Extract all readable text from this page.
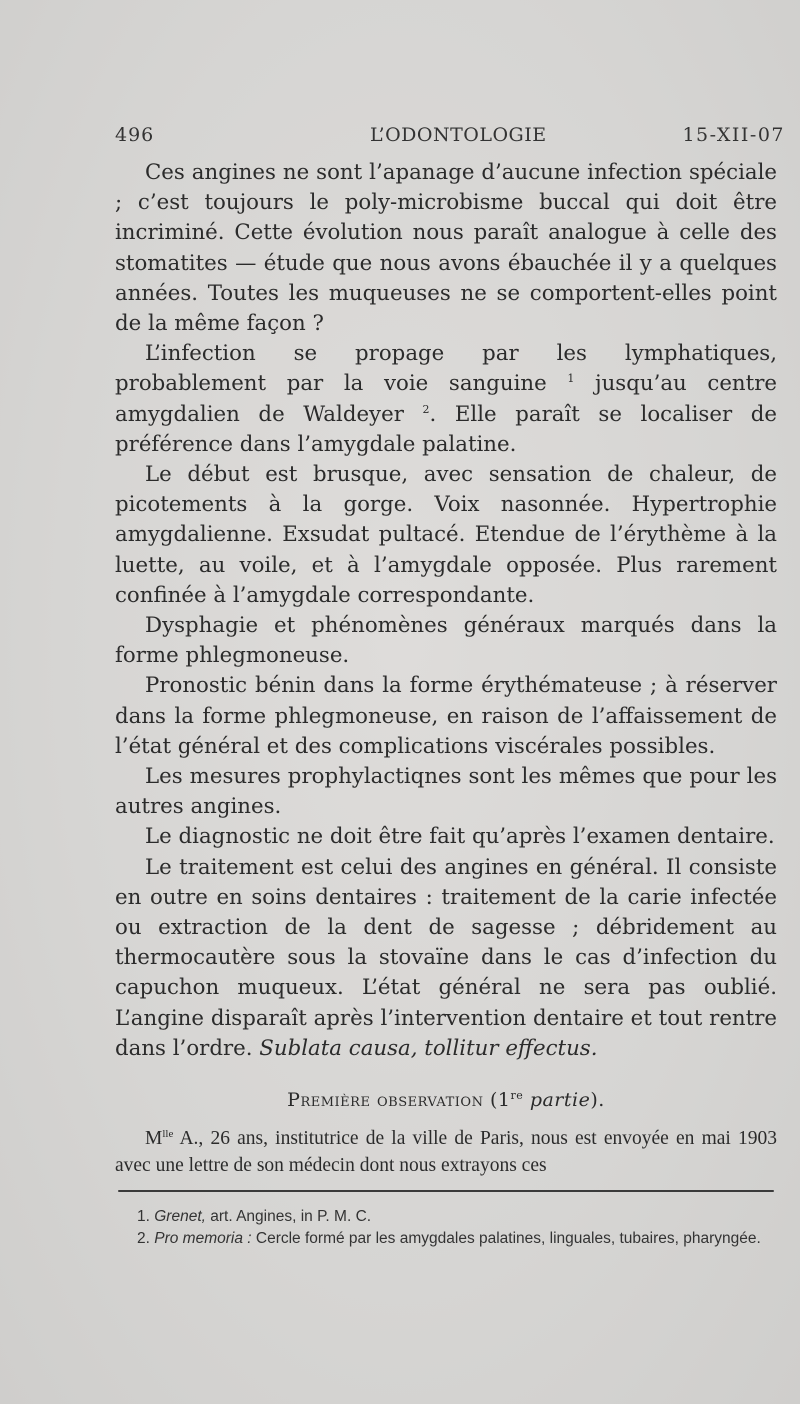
496	L’ODONTOLOGIE	15-XII-07

Ces angines ne sont l’apanage d’aucune infection spéciale ; c’est toujours le poly-microbisme buccal qui doit être incriminé. Cette évolution nous paraît analogue à celle des stomatites — étude que nous avons ébauchée il y a quelques années. Toutes les muqueuses ne se comportent-elles point de la même façon ?

L’infection se propage par les lymphatiques, probablement par la voie sanguine $^1$ jusqu’au centre amygdalien de Waldeyer $^2$. Elle paraît se localiser de préférence dans l’amygdale palatine.

Le début est brusque, avec sensation de chaleur, de picotements à la gorge. Voix nasonnée. Hypertrophie amygdalienne. Exsudat pultacé. Etendue de l’érythème à la luette, au voile, et à l’amygdale opposée. Plus rarement confinée à l’amygdale correspondante.

Dysphagie et phénomènes généraux marqués dans la forme phlegmoneuse.

Pronostic bénin dans la forme érythémateuse ; à réserver dans la forme phlegmoneuse, en raison de l’affaissement de l’état général et des complications viscérales possibles.

Les mesures prophylactiqnes sont les mêmes que pour les autres angines.

Le diagnostic ne doit être fait qu’après l’examen dentaire.

Le traitement est celui des angines en général. Il consiste en outre en soins dentaires : traitement de la carie infectée ou extraction de la dent de sagesse ; débridement au thermocautère sous la stovaïne dans le cas d’infection du capuchon muqueux. L’état général ne sera pas oublié. L’angine disparaît après l’intervention dentaire et tout rentre dans l’ordre. Sublata causa, tollitur effectus.

Première observation (1re partie).

$M^{lle}$ A., 26 ans, institutrice de la ville de Paris, nous est envoyée en mai 1903 avec une lettre de son médecin dont nous extrayons ces

1. Grenet, art. Angines, in P. M. C.

2. Pro memoria : Cercle formé par les amygdales palatines, linguales, tubaires, pharyngée.
